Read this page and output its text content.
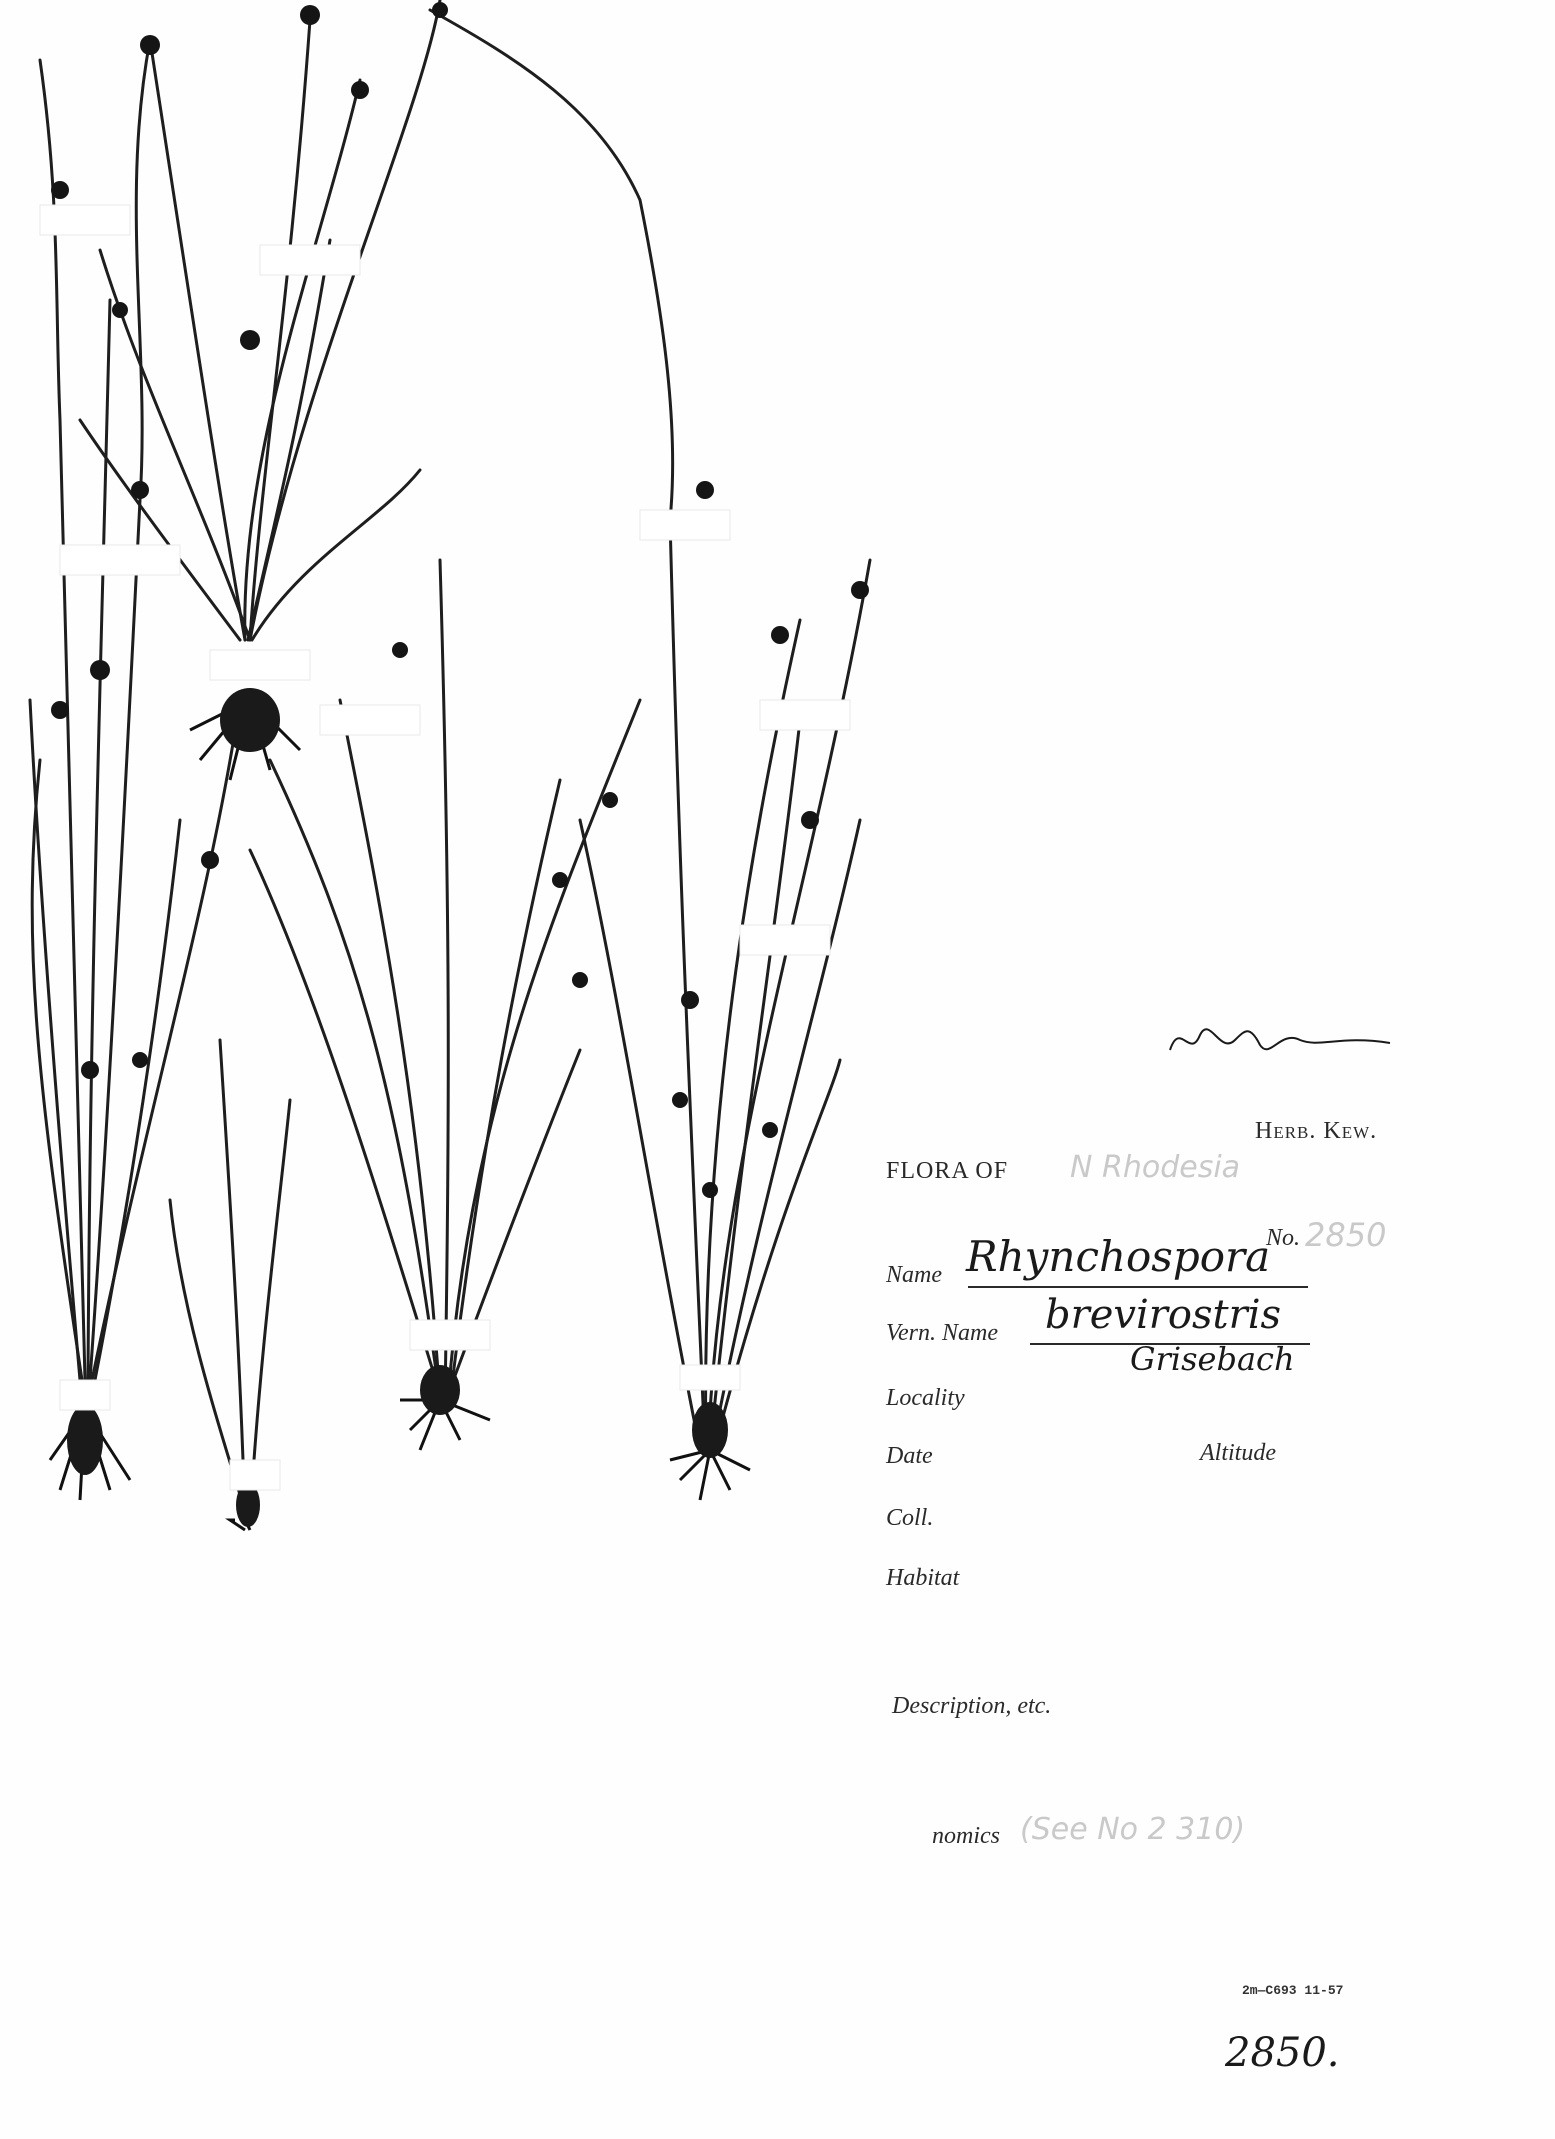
Herb. Kew.
FLORA OF N Rhodesia
No. 2850
Name Rhynchospora
Vern. Name brevirostris
Grisebach
Locality
Date	Altitude
Coll.
Habitat
Description, etc.
nomics (See No 2 310)
2m—C693 11-57
2850.
